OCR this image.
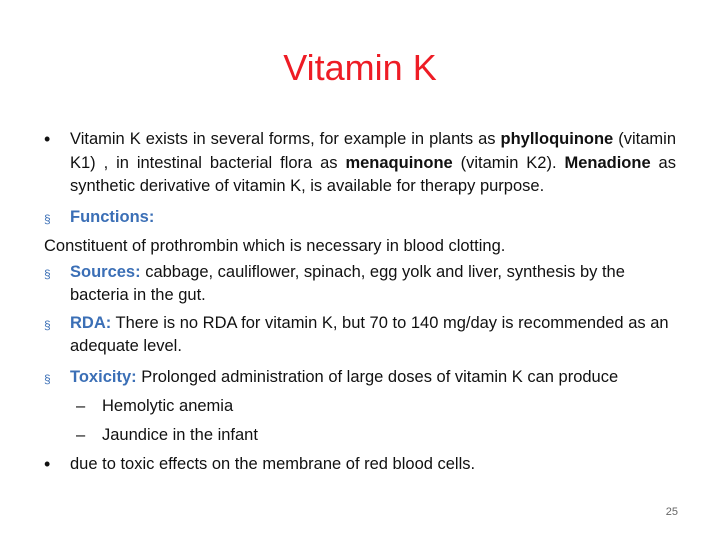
Vitamin K

•	Vitamin K exists in several forms, for example in plants as phylloquinone (vitamin K1) , in intestinal bacterial flora as menaquinone (vitamin K2). Menadione as synthetic derivative of vitamin K, is available for therapy purpose.

§	Functions:

Constituent of prothrombin which is necessary in blood clotting.

§	Sources: cabbage, cauliflower, spinach, egg yolk and liver, synthesis by the bacteria in the gut.

§	RDA: There is no RDA for vitamin K, but 70 to 140 mg/day is recommended as an adequate level.

§	Toxicity: Prolonged administration of large doses of vitamin K can produce

– Hemolytic anemia

– Jaundice in the infant

•	due to toxic effects on the membrane of red blood cells.

25
